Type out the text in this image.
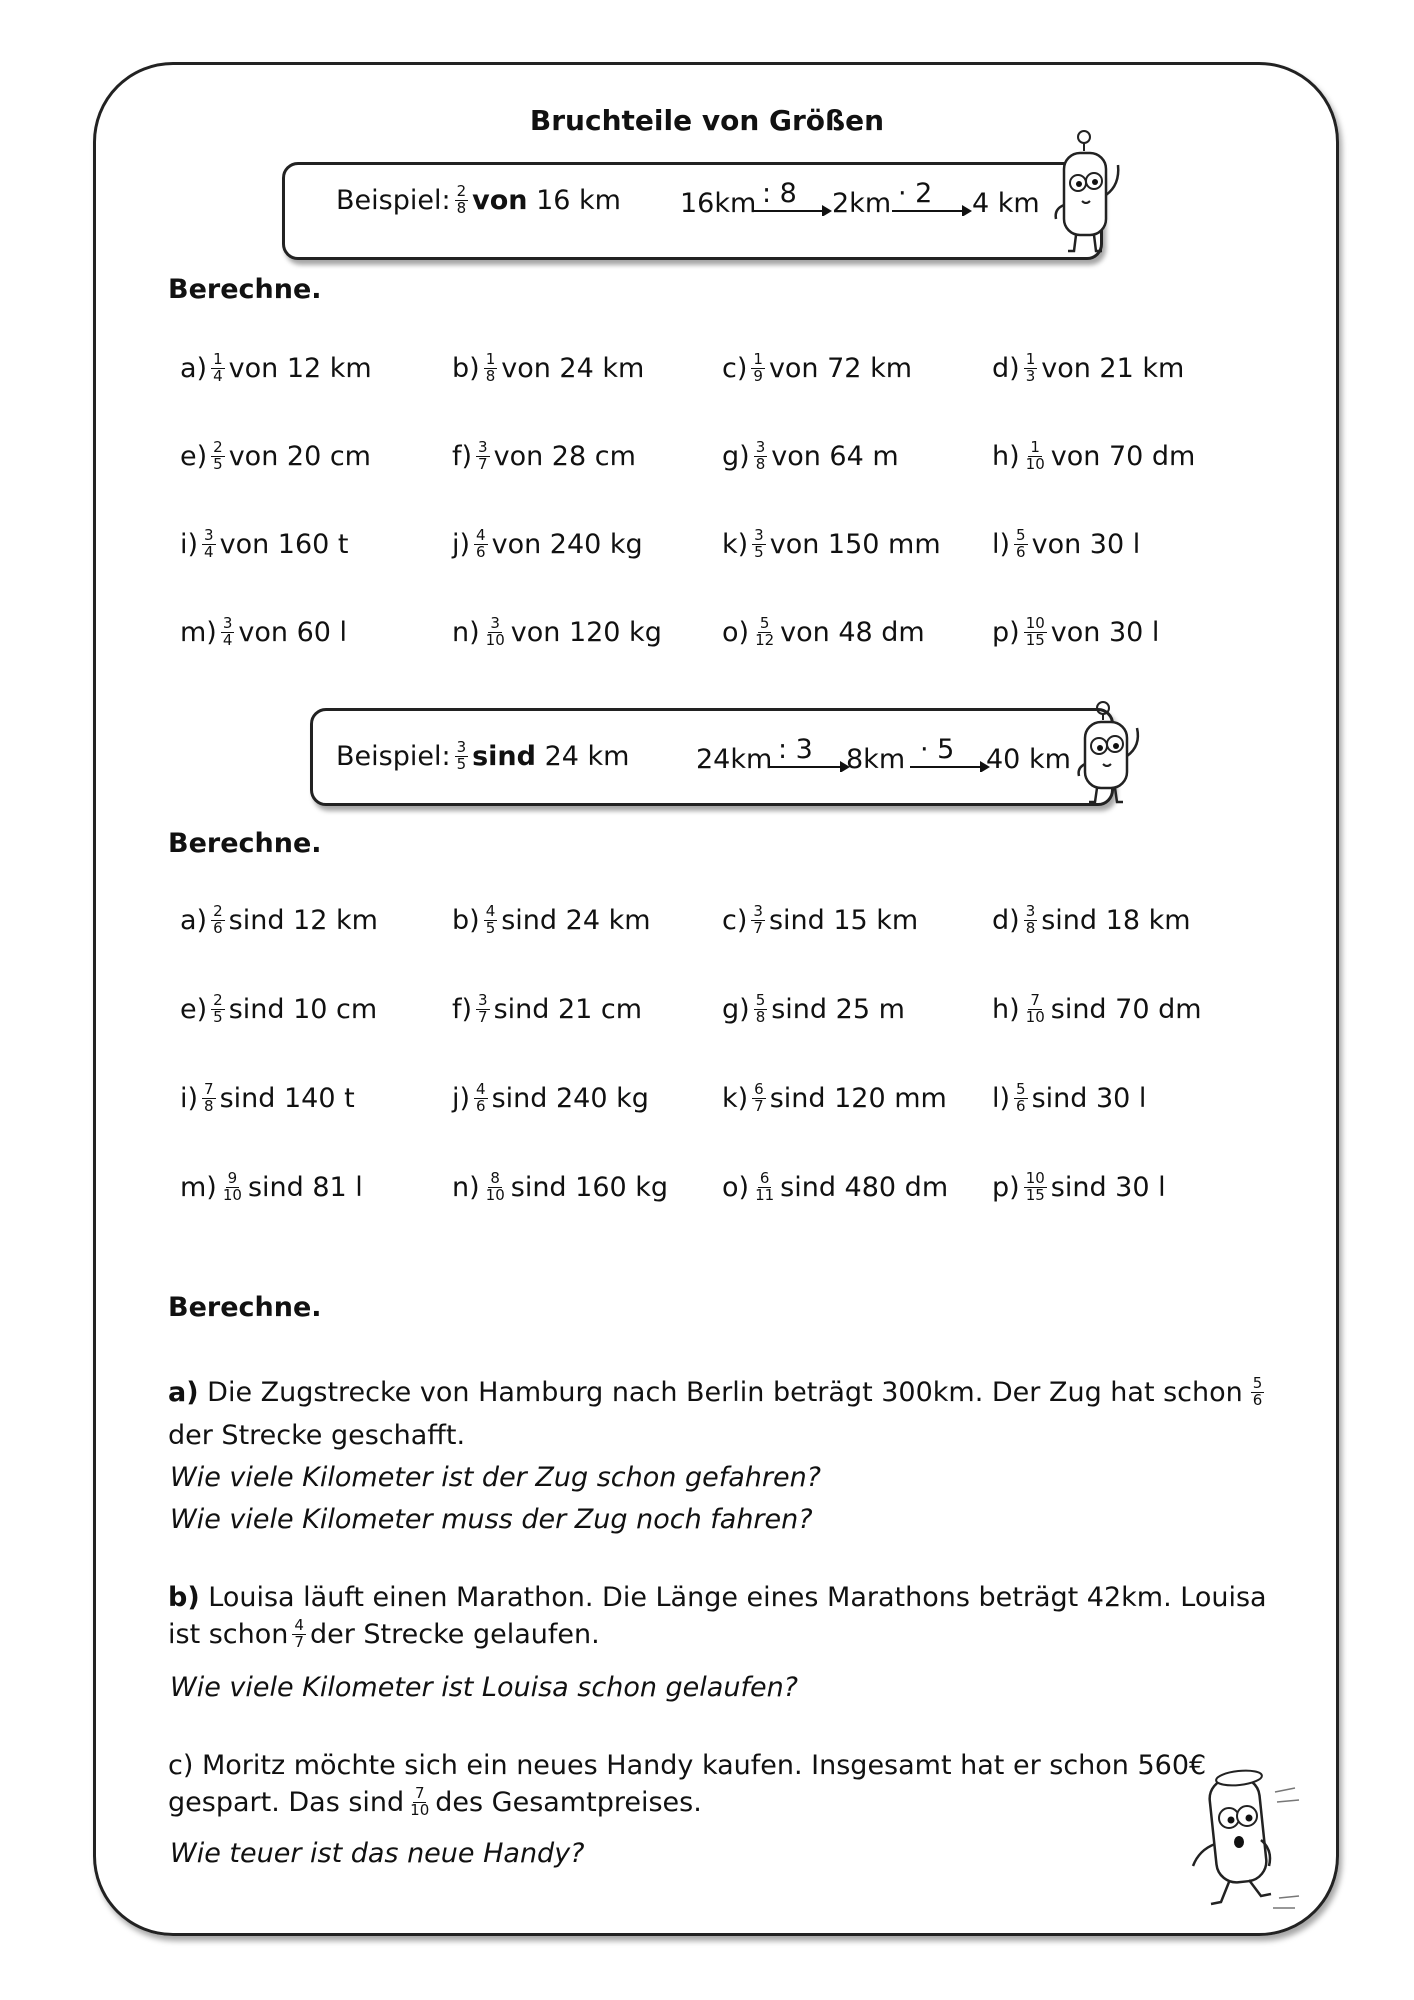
Bruchteile von Größen
Beispiel: $\frac{2}{8}$ von
16 km 16km : 8 2km · 2 4 km
Berechne.
$a) \frac{1}{4}$ von 12 km	$b) \frac{1}{8}$ von 24 km	$c) \frac{1}{9}$ von 72 km	$d) \frac{1}{3}$ von 21 km
$e) \frac{2}{5}$ von 20 cm	$f) \frac{3}{7}$ von 28 cm	$g) \frac{3}{8}$ von 64 m	$h) \frac{1}{10}$ von 70 dm
$i) \frac{3}{4}$ von 160 t	$j) \frac{4}{6}$ von 240 kg	$k) \frac{3}{5}$ von 150 mm $l) \frac{5}{6}$ von 30 l
$m) \frac{3}{4}$ von 60 l	$n) \frac{3}{10}$ von 120 kg $o) \frac{5}{12}$ von 48 dm $p) \frac{10}{15}$ von 30 l
Beispiel: $\frac{3}{5}$ sind
24 km 24km : 3 8km · 5 40 km
Berechne.
$a) \frac{2}{6}$ sind 12 km	$b) \frac{4}{5}$ sind 24 km	$c) \frac{3}{7}$ sind 15 km	$d) \frac{3}{8}$ sind 18 km
$e) \frac{2}{5}$ sind 10 cm	$f) \frac{3}{7}$ sind 21 cm	$g) \frac{5}{8}$ sind 25 m	$h) \frac{7}{10}$ sind 70 dm
$i) \frac{7}{8}$ sind 140 t	$j) \frac{4}{6}$ sind 240 kg	$k) \frac{6}{7}$ sind 120 mm $l) \frac{5}{6}$ sind 30 l
$m) \frac{9}{10}$ sind 81 l	$n) \frac{8}{10}$ sind 160 kg $o) \frac{6}{11}$ sind 480 dm $p) \frac{10}{15}$ sind 30 l
Berechne.
a)
Die Zugstrecke von Hamburg nach Berlin beträgt 300km. Der Zug hat schon $\frac{5}{6}$
der Strecke geschafft.
Wie viele Kilometer ist der Zug schon gefahren?
Wie viele Kilometer muss der Zug noch fahren?
b) Louisa läuft einen Marathon. Die Länge eines Marathons beträgt 42km. Louisa
ist schon $\frac{4}{7}$ der Strecke gelaufen.
Wie viele Kilometer ist Louisa schon gelaufen?
c) Moritz möchte sich ein neues Handy kaufen. Insgesamt hat er schon 560€
gespart. Das sind $\frac{7}{10}$ des Gesamtpreises.
Wie teuer ist das neue Handy?
